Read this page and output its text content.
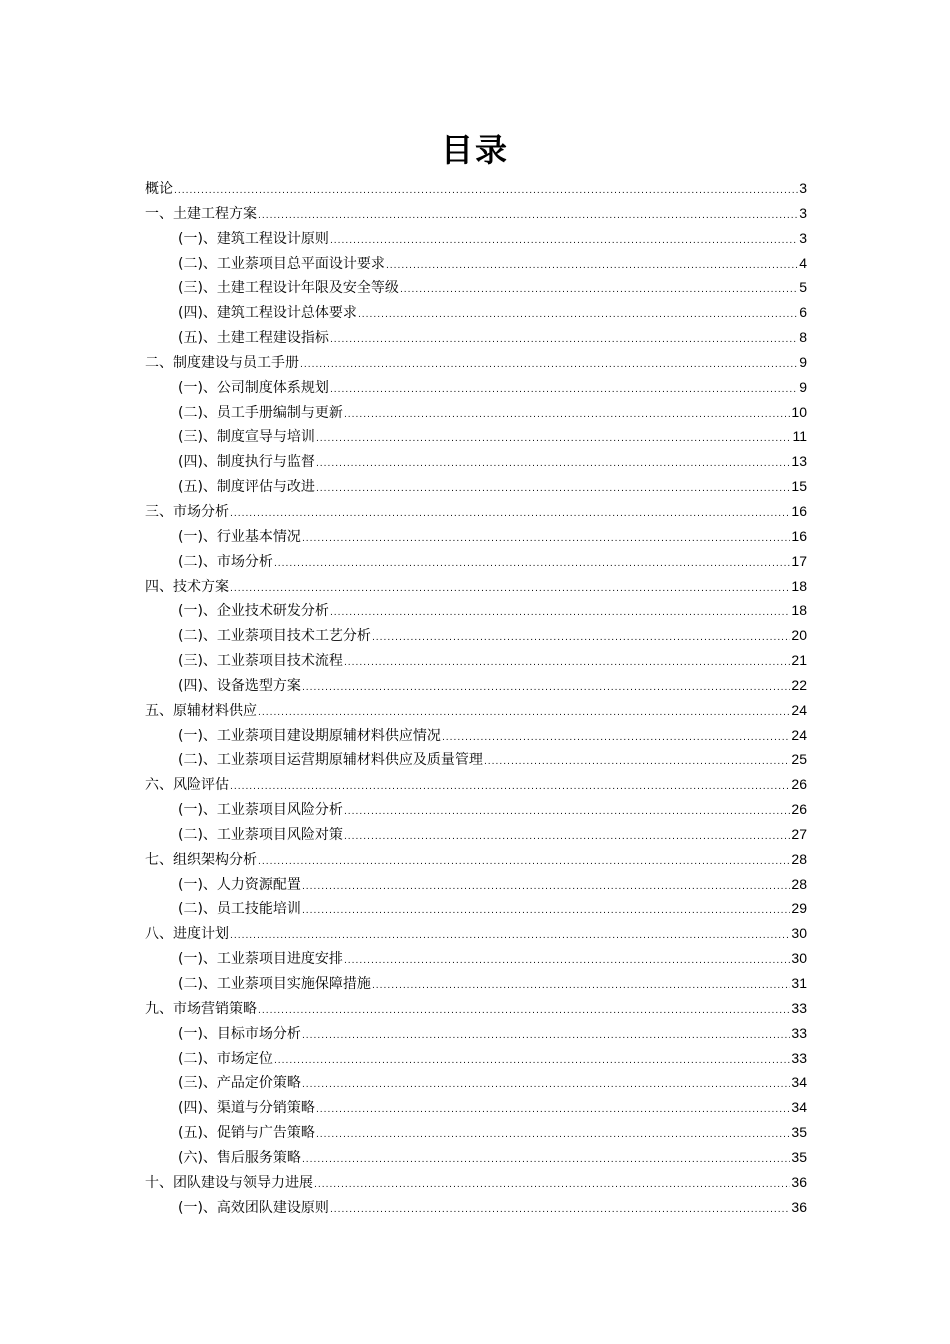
目录
概论 .....	3
一、土建工程方案 .....	3
(一)、建筑工程设计原则 .....	3
(二)、工业萘项目总平面设计要求 .....	4
(三)、土建工程设计年限及安全等级 .....	5
(四)、建筑工程设计总体要求 .....	6
(五)、土建工程建设指标 .....	8
二、制度建设与员工手册 .....	9
(一)、公司制度体系规划 .....	9
(二)、员工手册编制与更新 .....	10
(三)、制度宣导与培训 .....	11
(四)、制度执行与监督 .....	13
(五)、制度评估与改进 .....	15
三、市场分析 .....	16
(一)、行业基本情况 .....	16
(二)、市场分析 .....	17
四、技术方案 .....	18
(一)、企业技术研发分析 .....	18
(二)、工业萘项目技术工艺分析 .....	20
(三)、工业萘项目技术流程 .....	21
(四)、设备选型方案 .....	22
五、原辅材料供应 .....	24
(一)、工业萘项目建设期原辅材料供应情况 .....	24
(二)、工业萘项目运营期原辅材料供应及质量管理 .....	25
六、风险评估 .....	26
(一)、工业萘项目风险分析 .....	26
(二)、工业萘项目风险对策 .....	27
七、组织架构分析 .....	28
(一)、人力资源配置 .....	28
(二)、员工技能培训 .....	29
八、进度计划 .....	30
(一)、工业萘项目进度安排 .....	30
(二)、工业萘项目实施保障措施 .....	31
九、市场营销策略 .....	33
(一)、目标市场分析 .....	33
(二)、市场定位 .....	33
(三)、产品定价策略 .....	34
(四)、渠道与分销策略 .....	34
(五)、促销与广告策略 .....	35
(六)、售后服务策略 .....	35
十、团队建设与领导力进展 .....	36
(一)、高效团队建设原则 .....	36
